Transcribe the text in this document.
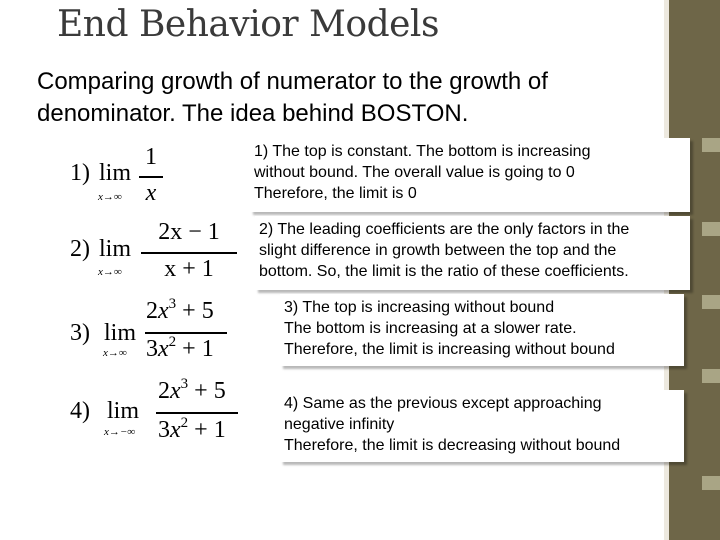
End Behavior Models
Comparing growth of numerator to the growth of denominator. The idea behind BOSTON.
1) lim
x→∞
1
x
2) lim
x→∞
2x − 1
x + 1
3) lim
x→∞
$2x^3 + 5$
$3x^2 + 1$
4) lim
x→−∞
$2x^3 + 5$
$3x^2 + 1$
1) The top is constant. The bottom is increasing
without bound. The overall value is going to 0
Therefore, the limit is 0
2) The leading coefficients are the only factors in the
slight difference in growth between the top and the
bottom. So, the limit is the ratio of these coefficients.
3) The top is increasing without bound
The bottom is increasing at a slower rate.
Therefore, the limit is increasing without bound
4) Same as the previous except approaching
negative infinity
Therefore, the limit is decreasing without bound
